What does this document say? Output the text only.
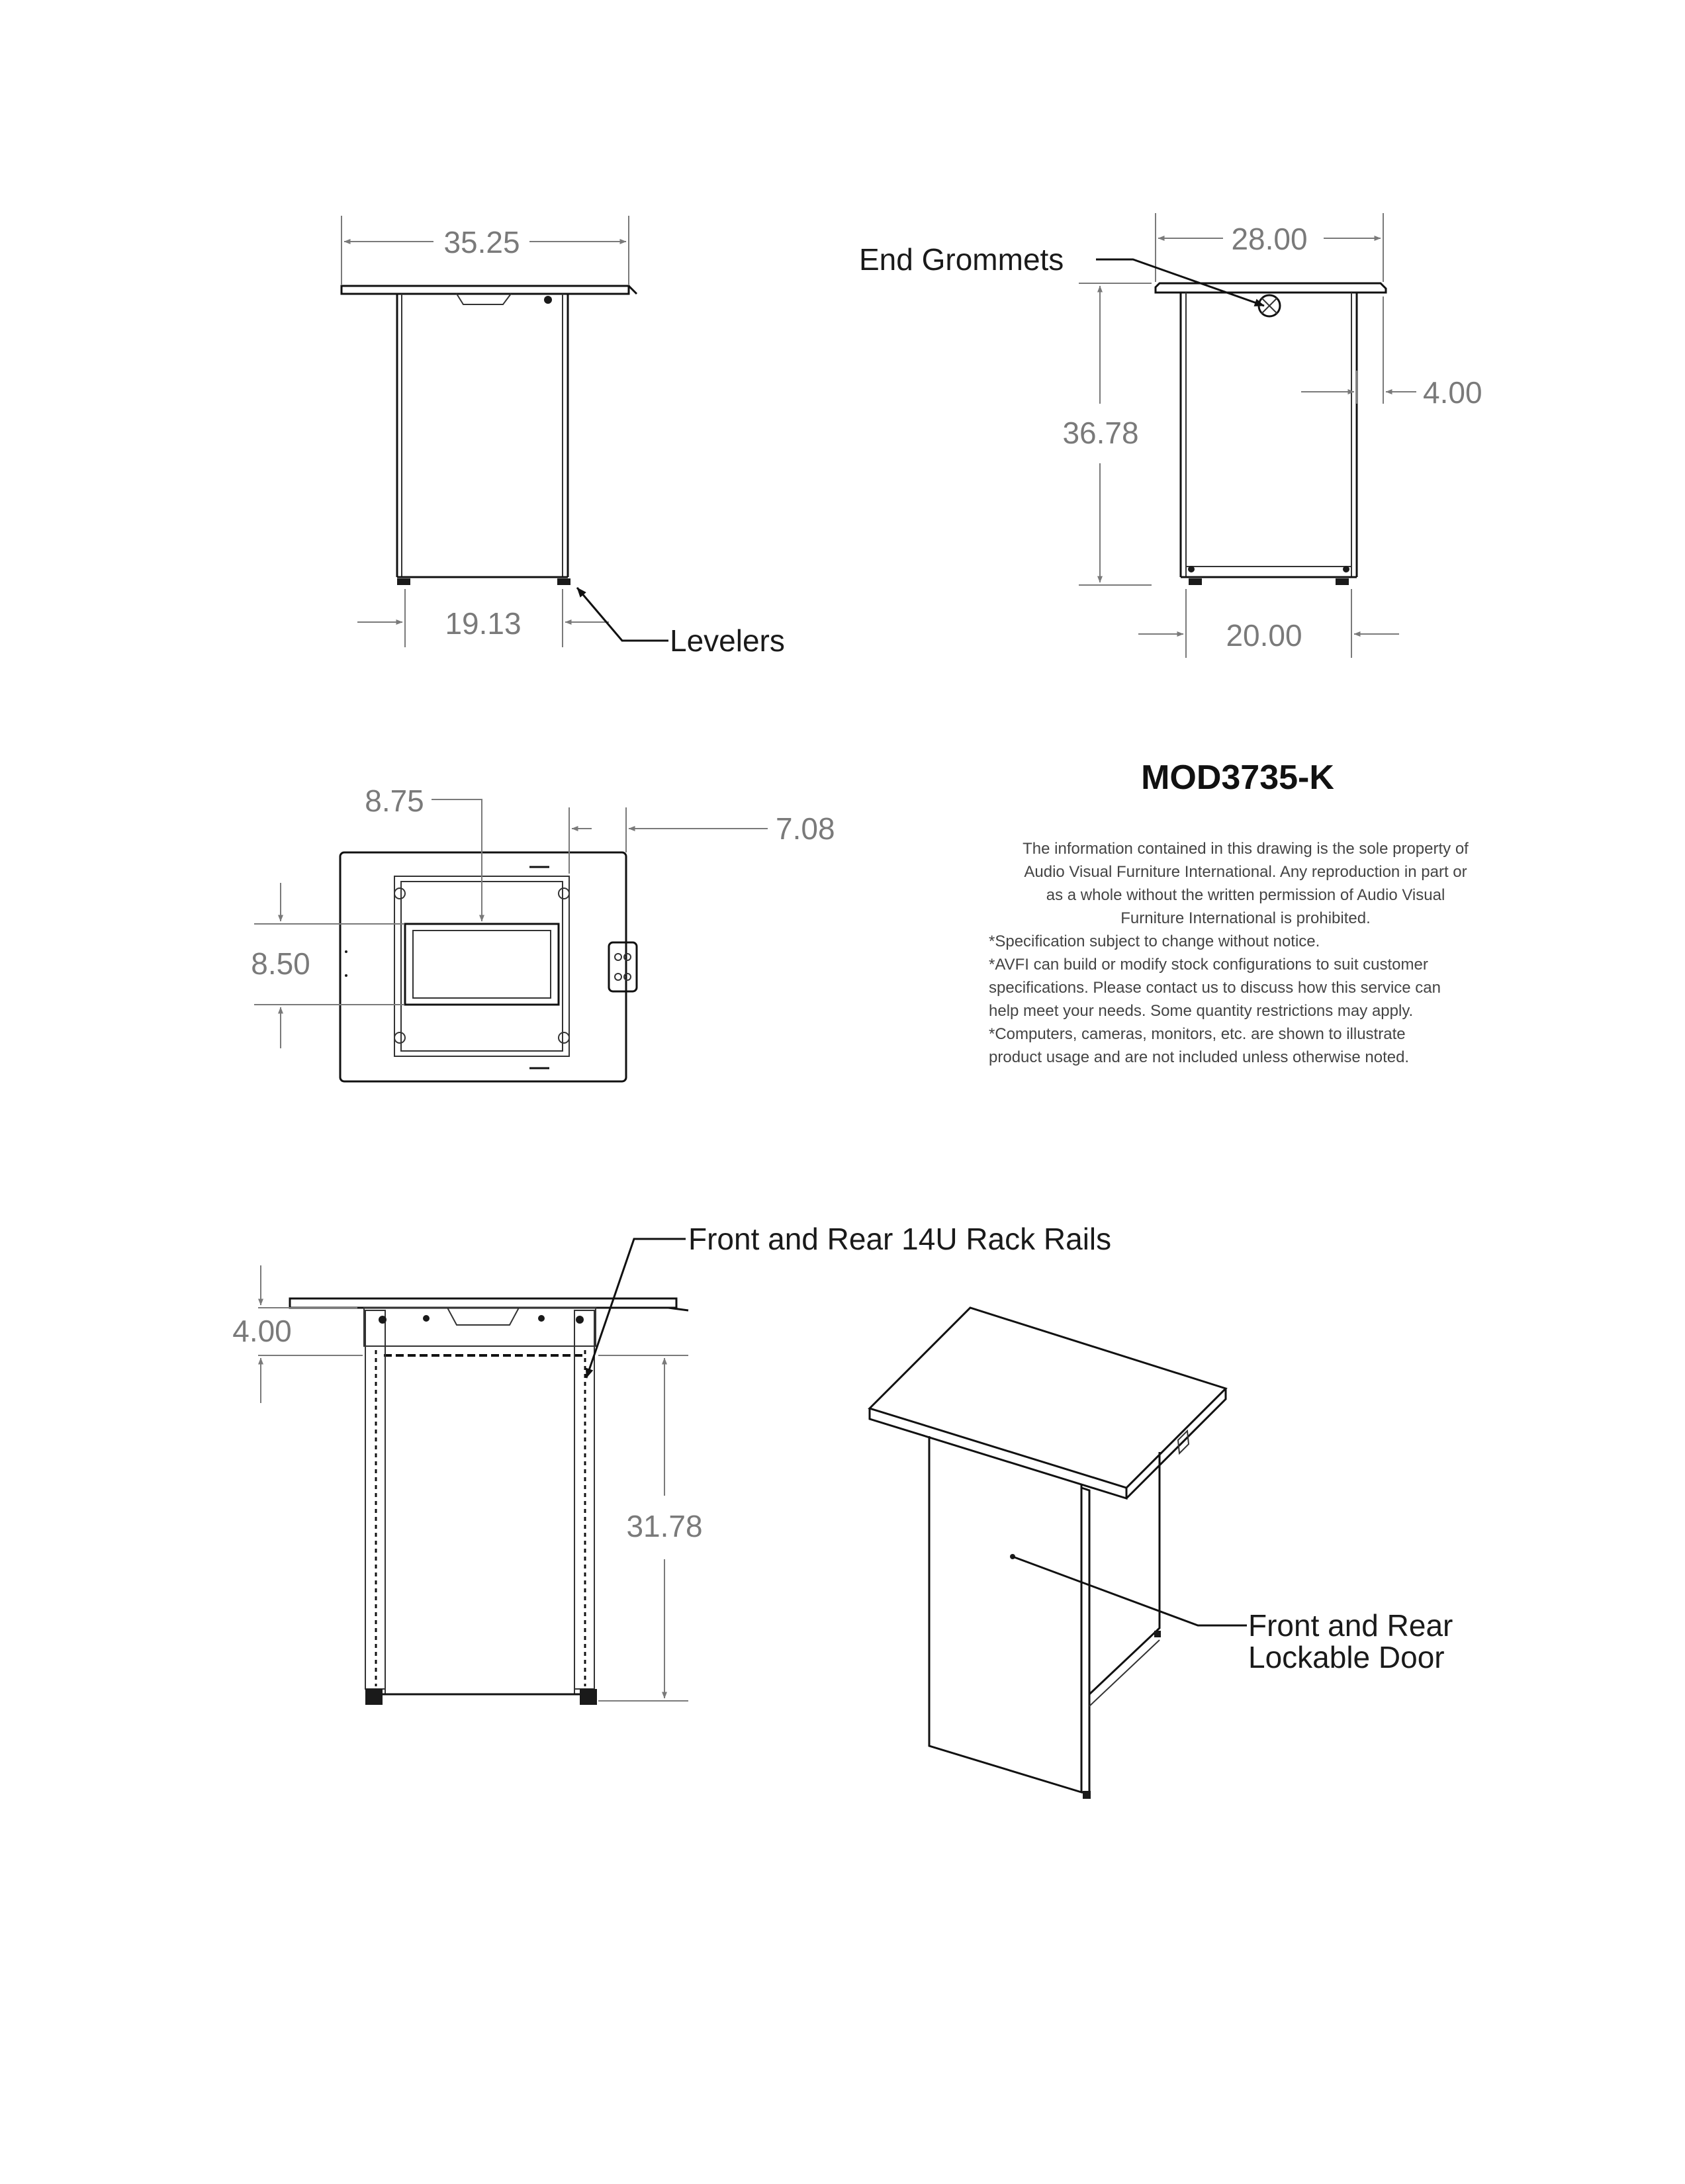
35.25
19.13	Levelers
28.00
End Grommets
36.78
4.00
20.00
8.75
8.50
7.08
MOD3735-K
The information contained in this drawing is the sole property of
Audio Visual Furniture International. Any reproduction in part or
as a whole without the written permission of Audio Visual
Furniture International is prohibited.
*Specification subject to change without notice.
*AVFI can build or modify stock configurations to suit customer
specifications. Please contact us to discuss how this service can
help meet your needs. Some quantity restrictions may apply.
*Computers, cameras, monitors, etc. are shown to illustrate
product usage and are not included unless otherwise noted.
4.00
31.78
Front and Rear 14U Rack Rails
Front and Rear
Lockable Door
